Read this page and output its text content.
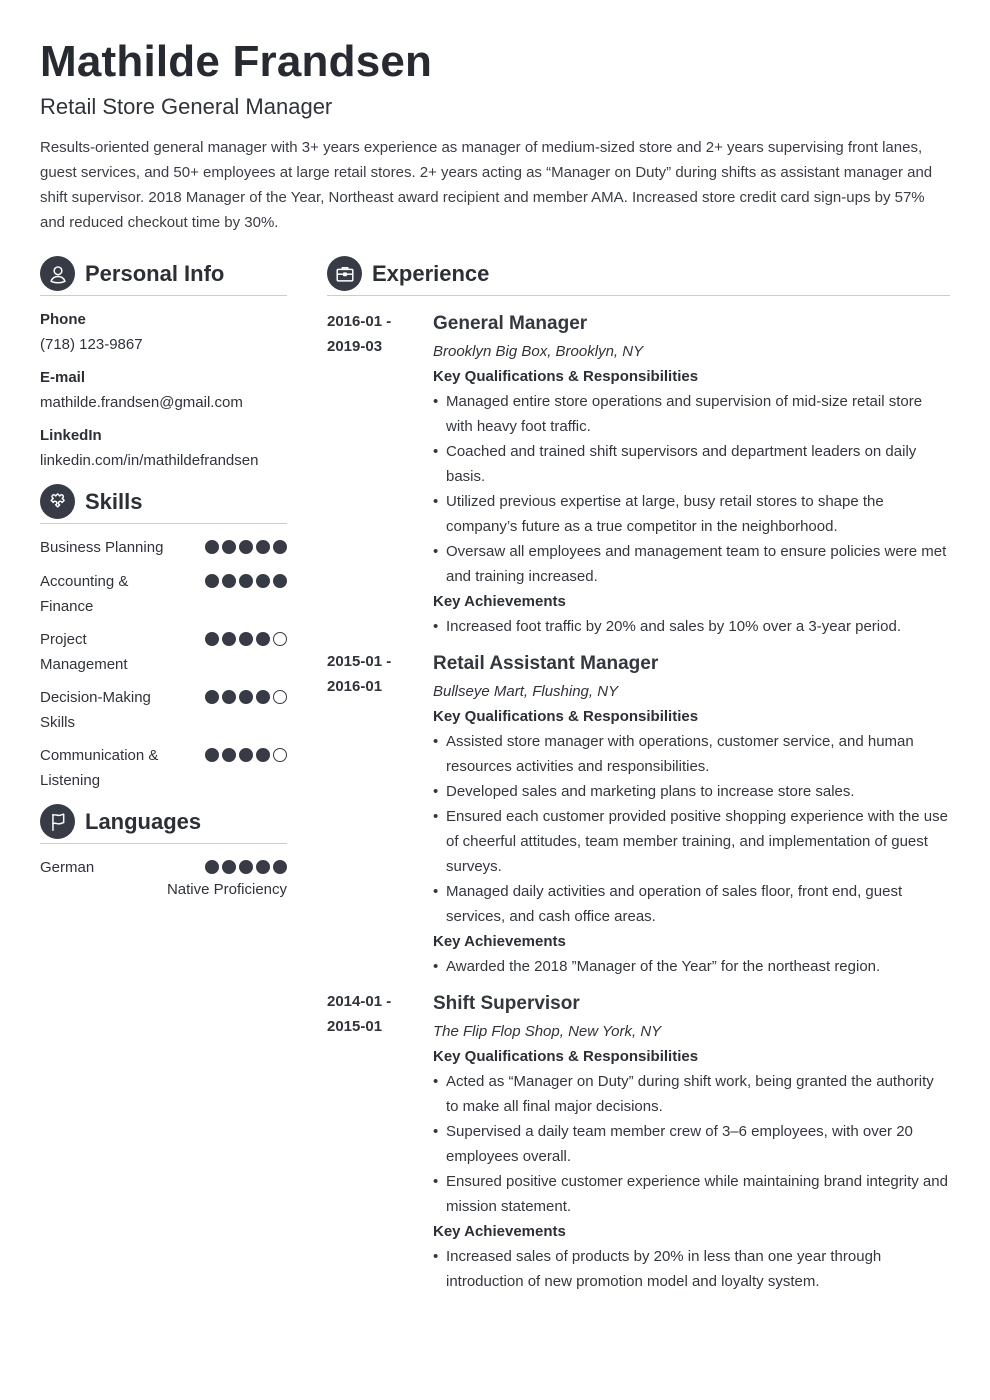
Mathilde Frandsen
Retail Store General Manager

Results-oriented general manager with 3+ years experience as manager of medium-sized store and 2+ years supervising front lanes, guest services, and 50+ employees at large retail stores. 2+ years acting as “Manager on Duty” during shifts as assistant manager and shift supervisor. 2018 Manager of the Year, Northeast award recipient and member AMA. Increased store credit card sign-ups by 57% and reduced checkout time by 30%.

Personal Info
Phone
(718) 123-9867
E-mail
mathilde.frandsen@gmail.com
LinkedIn
linkedin.com/in/mathildefrandsen
Skills
Business Planning
Accounting & Finance
Project Management
Decision-Making Skills
Communication & Listening
Languages
German
Native Proficiency
Experience
2016-01 -
2019-03
General Manager
Brooklyn Big Box, Brooklyn, NY
Key Qualifications & Responsibilities
• Managed entire store operations and supervision of mid-size retail store with heavy foot traffic.
• Coached and trained shift supervisors and department leaders on daily basis.
• Utilized previous expertise at large, busy retail stores to shape the company’s future as a true competitor in the neighborhood.
• Oversaw all employees and management team to ensure policies were met and training increased.
Key Achievements
• Increased foot traffic by 20% and sales by 10% over a 3-year period.
2015-01 -
2016-01
Retail Assistant Manager
Bullseye Mart, Flushing, NY
Key Qualifications & Responsibilities
• Assisted store manager with operations, customer service, and human resources activities and responsibilities.
• Developed sales and marketing plans to increase store sales.
• Ensured each customer provided positive shopping experience with the use of cheerful attitudes, team member training, and implementation of guest surveys.
• Managed daily activities and operation of sales floor, front end, guest services, and cash office areas.
Key Achievements
• Awarded the 2018 ”Manager of the Year” for the northeast region.
2014-01 -
2015-01
Shift Supervisor
The Flip Flop Shop, New York, NY
Key Qualifications & Responsibilities
• Acted as “Manager on Duty” during shift work, being granted the authority to make all final major decisions.
• Supervised a daily team member crew of 3–6 employees, with over 20 employees overall.
• Ensured positive customer experience while maintaining brand integrity and mission statement.
Key Achievements
• Increased sales of products by 20% in less than one year through introduction of new promotion model and loyalty system.
